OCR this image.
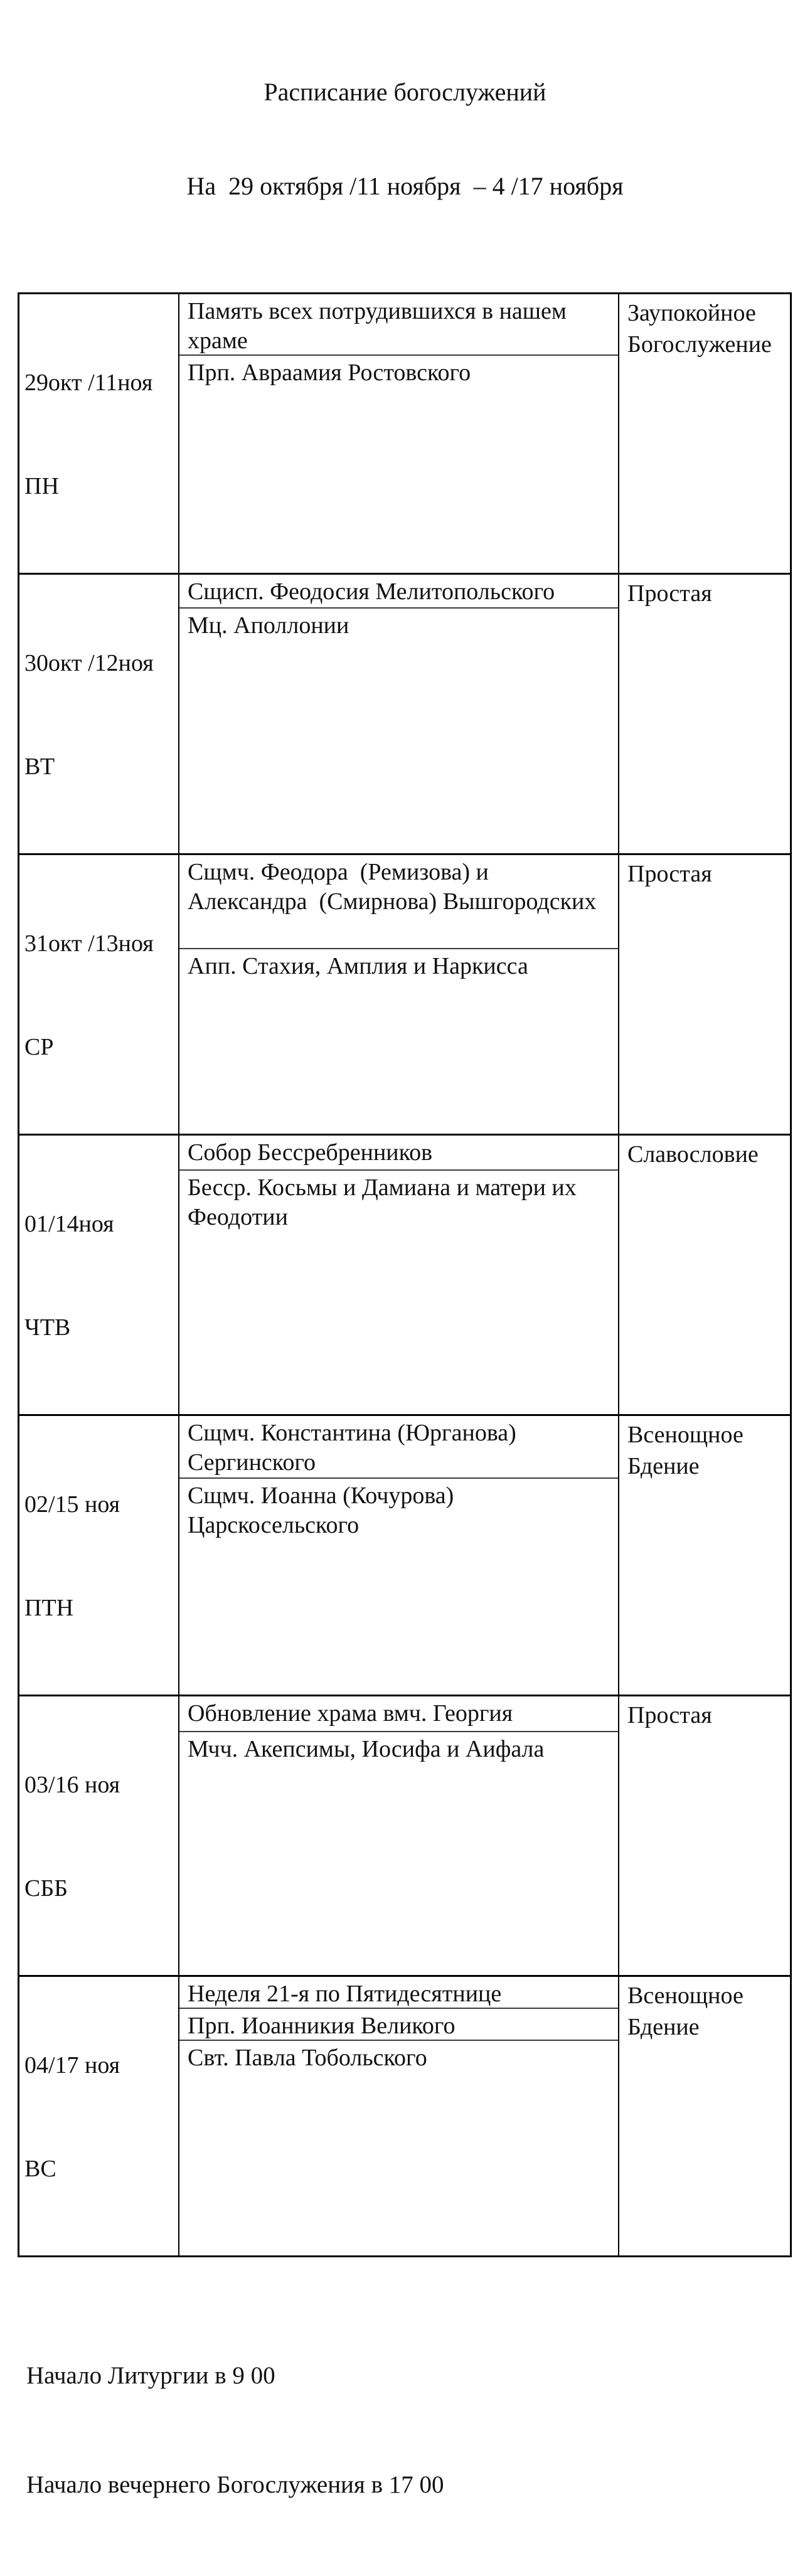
Расписание богослужений

На  29 октября /11 ноября  – 4 /17 ноября

29окт /11ноя

ПН

Память всех потрудившихся в нашем храме
Прп. Авраамия Ростовского
Заупокойное Богослужение

30окт /12ноя

ВТ

Сщисп. Феодосия Мелитопольского
Мц. Аполлонии
Простая

31окт /13ноя

СР

Сщмч. Феодора  (Ремизова) и Александра  (Смирнова) Вышгородских
Апп. Стахия, Амплия и Наркисса
Простая

01/14ноя

ЧТВ

Собор Бессребренников
Бесср. Косьмы и Дамиана и матери их Феодотии
Славословие

02/15 ноя

ПТН

Сщмч. Константина (Юрганова) Сергинского
Сщмч. Иоанна (Кочурова) Царскосельского
Всенощное Бдение

03/16 ноя

СББ

Обновление храма вмч. Георгия
Мчч. Акепсимы, Иосифа и Аифала
Простая

04/17 ноя

ВС

Неделя 21-я по Пятидесятнице
Прп. Иоанникия Великого
Свт. Павла Тобольского
Всенощное Бдение

Начало Литургии в 9 00

Начало вечернего Богослужения в 17 00
